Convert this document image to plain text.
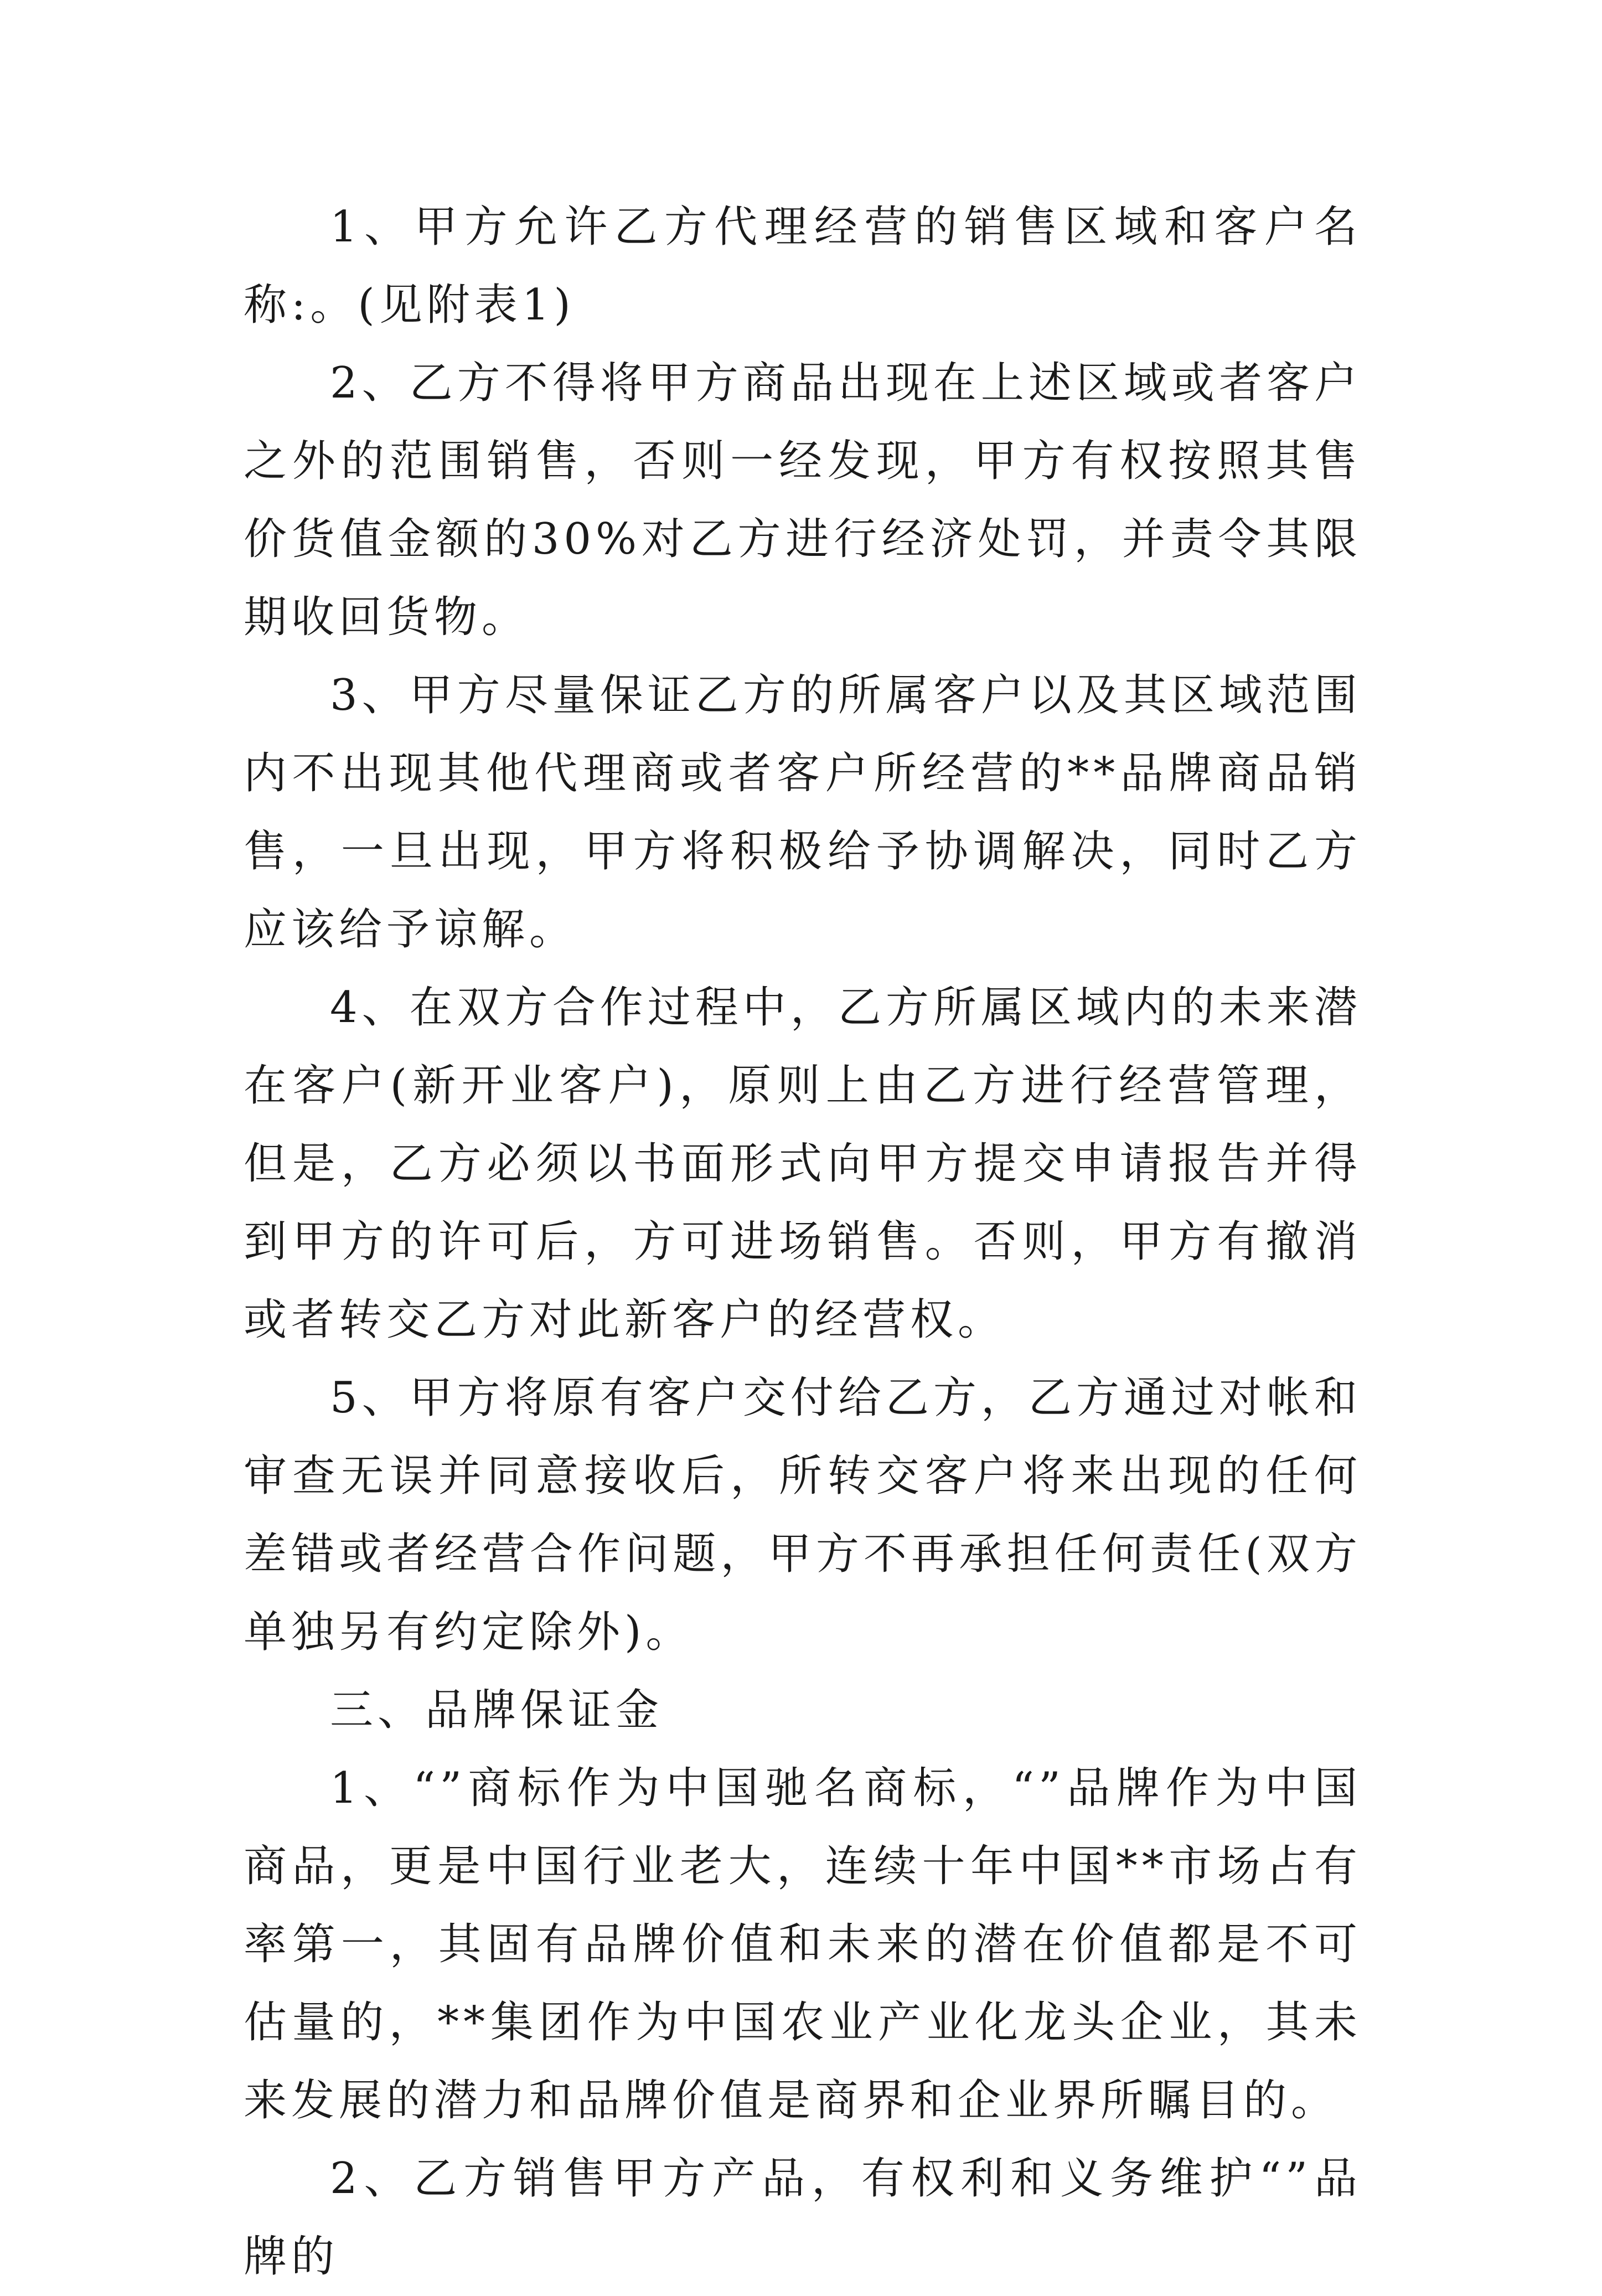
1、甲方允许乙方代理经营的销售区域和客户名称:。(见附表1)

2、乙方不得将甲方商品出现在上述区域或者客户之外的范围销售，否则一经发现，甲方有权按照其售价货值金额的30%对乙方进行经济处罚，并责令其限期收回货物。

3、甲方尽量保证乙方的所属客户以及其区域范围内不出现其他代理商或者客户所经营的**品牌商品销售，一旦出现，甲方将积极给予协调解决，同时乙方应该给予谅解。

4、在双方合作过程中，乙方所属区域内的未来潜在客户(新开业客户)，原则上由乙方进行经营管理，但是，乙方必须以书面形式向甲方提交申请报告并得到甲方的许可后，方可进场销售。否则，甲方有撤消或者转交乙方对此新客户的经营权。

5、甲方将原有客户交付给乙方，乙方通过对帐和审查无误并同意接收后，所转交客户将来出现的任何差错或者经营合作问题，甲方不再承担任何责任(双方单独另有约定除外)。

三、品牌保证金

1、“”商标作为中国驰名商标，“”品牌作为中国商品，更是中国行业老大，连续十年中国**市场占有率第一，其固有品牌价值和未来的潜在价值都是不可估量的，**集团作为中国农业产业化龙头企业，其未来发展的潜力和品牌价值是商界和企业界所瞩目的。

2、乙方销售甲方产品，有权利和义务维护“”品牌的
